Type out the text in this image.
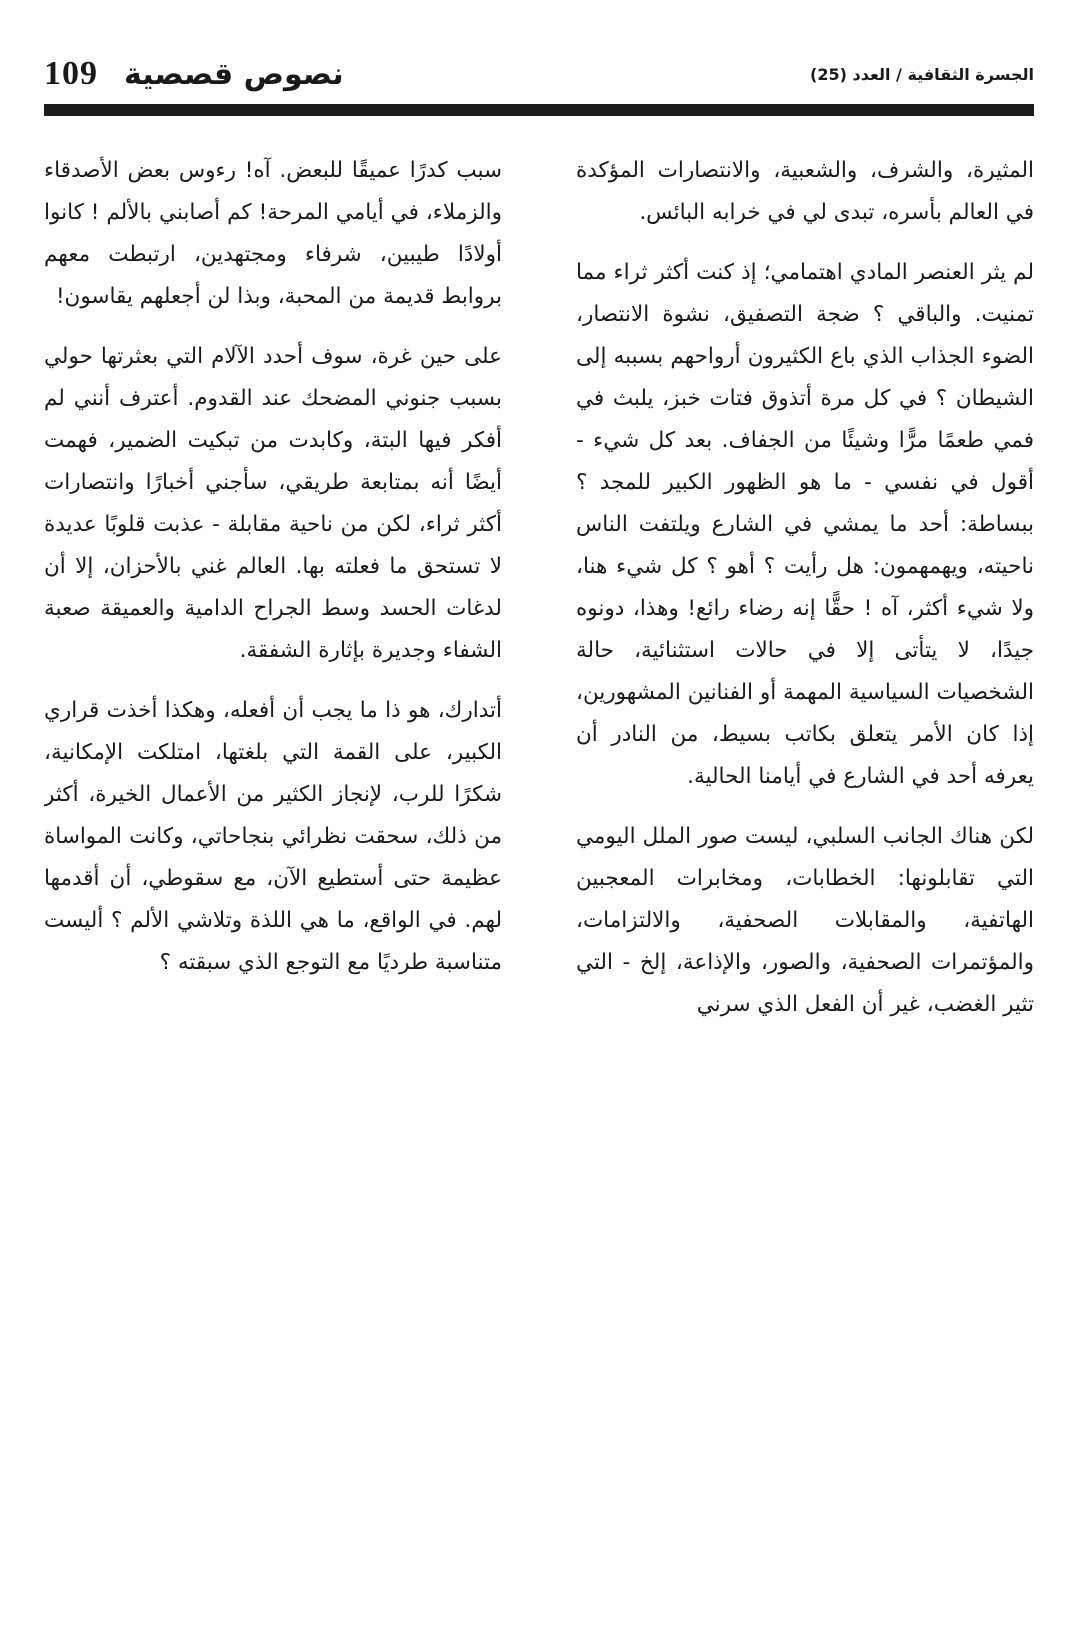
109 نصوص قصصية	الجسرة الثقافية / العدد (25)

المثيرة، والشرف، والشعبية، والانتصارات المؤكدة في العالم بأسره، تبدى لي في خرابه البائس.

لم يثر العنصر المادي اهتمامي؛ إذ كنت أكثر ثراء مما تمنيت. والباقي ؟ ضجة التصفيق، نشوة الانتصار، الضوء الجذاب الذي باع الكثيرون أرواحهم بسببه إلى الشيطان ؟ في كل مرة أتذوق فتات خبز، يلبث في فمي طعمًا مرًّا وشيئًا من الجفاف. بعد كل شيء - أقول في نفسي - ما هو الظهور الكبير للمجد ؟ ببساطة: أحد ما يمشي في الشارع ويلتفت الناس ناحيته، ويهمهمون: هل رأيت ؟ أهو ؟ كل شيء هنا، ولا شيء أكثر، آه ! حقًّا إنه رضاء رائع! وهذا، دونوه جيدًا، لا يتأتى إلا في حالات استثنائية، حالة الشخصيات السياسية المهمة أو الفنانين المشهورين، إذا كان الأمر يتعلق بكاتب بسيط، من النادر أن يعرفه أحد في الشارع في أيامنا الحالية.

لكن هناك الجانب السلبي، ليست صور الملل اليومي التي تقابلونها: الخطابات، ومخابرات المعجبين الهاتفية، والمقابلات الصحفية، والالتزامات، والمؤتمرات الصحفية، والصور، والإذاعة، إلخ - التي تثير الغضب، غير أن الفعل الذي سرني

سبب كدرًا عميقًا للبعض. آه! رءوس بعض الأصدقاء والزملاء، في أيامي المرحة! كم أصابني بالألم ! كانوا أولادًا طيبين، شرفاء ومجتهدين، ارتبطت معهم بروابط قديمة من المحبة، وبذا لن أجعلهم يقاسون!

على حين غرة، سوف أحدد الآلام التي بعثرتها حولي بسبب جنوني المضحك عند القدوم. أعترف أنني لم أفكر فيها البتة، وكابدت من تبكيت الضمير، فهمت أيضًا أنه بمتابعة طريقي، سأجني أخبارًا وانتصارات أكثر ثراء، لكن من ناحية مقابلة - عذبت قلوبًا عديدة لا تستحق ما فعلته بها. العالم غني بالأحزان، إلا أن لدغات الحسد وسط الجراح الدامية والعميقة صعبة الشفاء وجديرة بإثارة الشفقة.

أتدارك، هو ذا ما يجب أن أفعله، وهكذا أخذت قراري الكبير، على القمة التي بلغتها، امتلكت الإمكانية، شكرًا للرب، لإنجاز الكثير من الأعمال الخيرة، أكثر من ذلك، سحقت نظرائي بنجاحاتي، وكانت المواساة عظيمة حتى أستطيع الآن، مع سقوطي، أن أقدمها لهم. في الواقع، ما هي اللذة وتلاشي الألم ؟ أليست متناسبة طرديًا مع التوجع الذي سبقته ؟
